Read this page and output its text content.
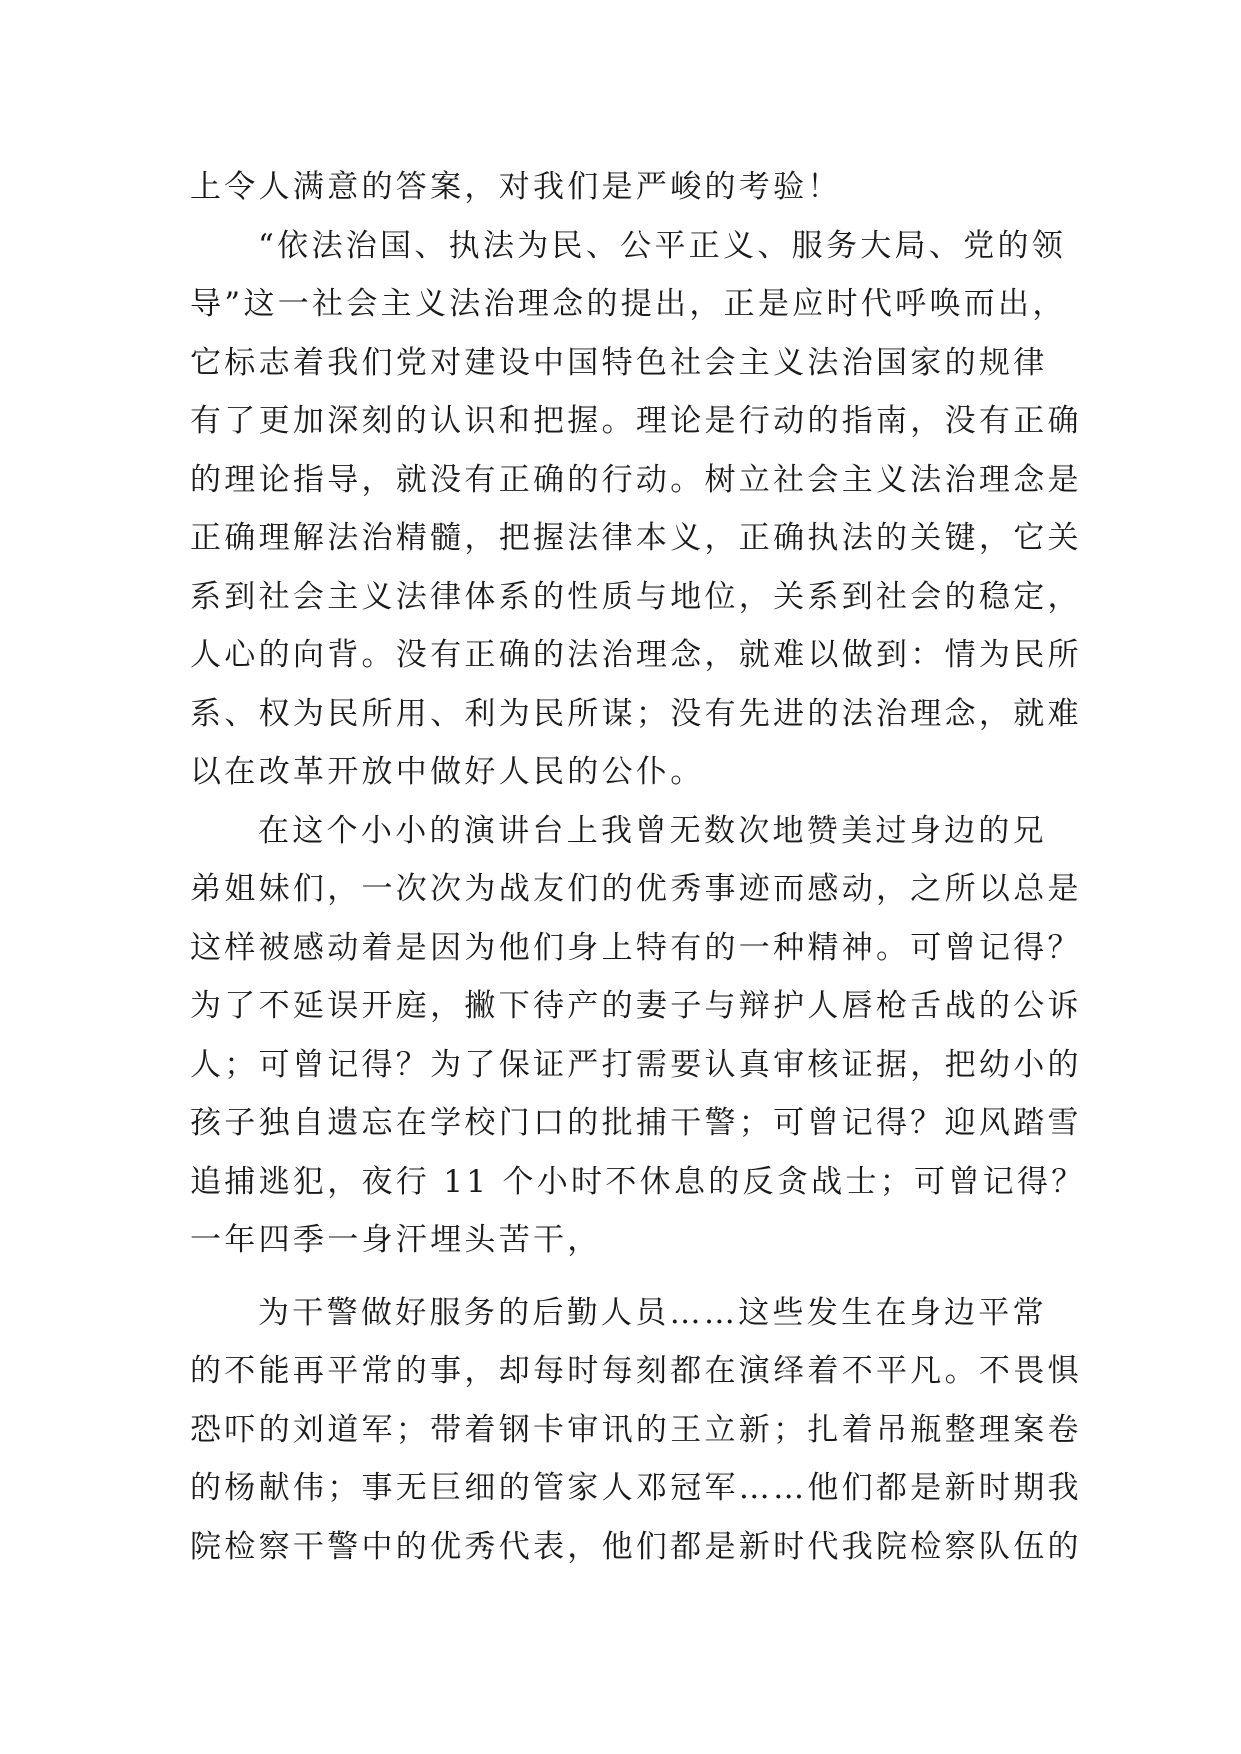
上令人满意的答案，对我们是严峻的考验！
“依法治国、执法为民、公平正义、服务大局、党的领
导”这一社会主义法治理念的提出，正是应时代呼唤而出，
它标志着我们党对建设中国特色社会主义法治国家的规律
有了更加深刻的认识和把握。理论是行动的指南，没有正确
的理论指导，就没有正确的行动。树立社会主义法治理念是
正确理解法治精髓，把握法律本义，正确执法的关键，它关
系到社会主义法律体系的性质与地位，关系到社会的稳定，
人心的向背。没有正确的法治理念，就难以做到：情为民所
系、权为民所用、利为民所谋；没有先进的法治理念，就难
以在改革开放中做好人民的公仆。
在这个小小的演讲台上我曾无数次地赞美过身边的兄
弟姐妹们，一次次为战友们的优秀事迹而感动，之所以总是
这样被感动着是因为他们身上特有的一种精神。可曾记得？
为了不延误开庭，撇下待产的妻子与辩护人唇枪舌战的公诉
人；可曾记得？为了保证严打需要认真审核证据，把幼小的
孩子独自遗忘在学校门口的批捕干警；可曾记得？迎风踏雪
追捕逃犯，夜行 11 个小时不休息的反贪战士；可曾记得？
一年四季一身汗埋头苦干，
为干警做好服务的后勤人员……这些发生在身边平常
的不能再平常的事，却每时每刻都在演绎着不平凡。不畏惧
恐吓的刘道军；带着钢卡审讯的王立新；扎着吊瓶整理案卷
的杨献伟；事无巨细的管家人邓冠军……他们都是新时期我
院检察干警中的优秀代表，他们都是新时代我院检察队伍的
